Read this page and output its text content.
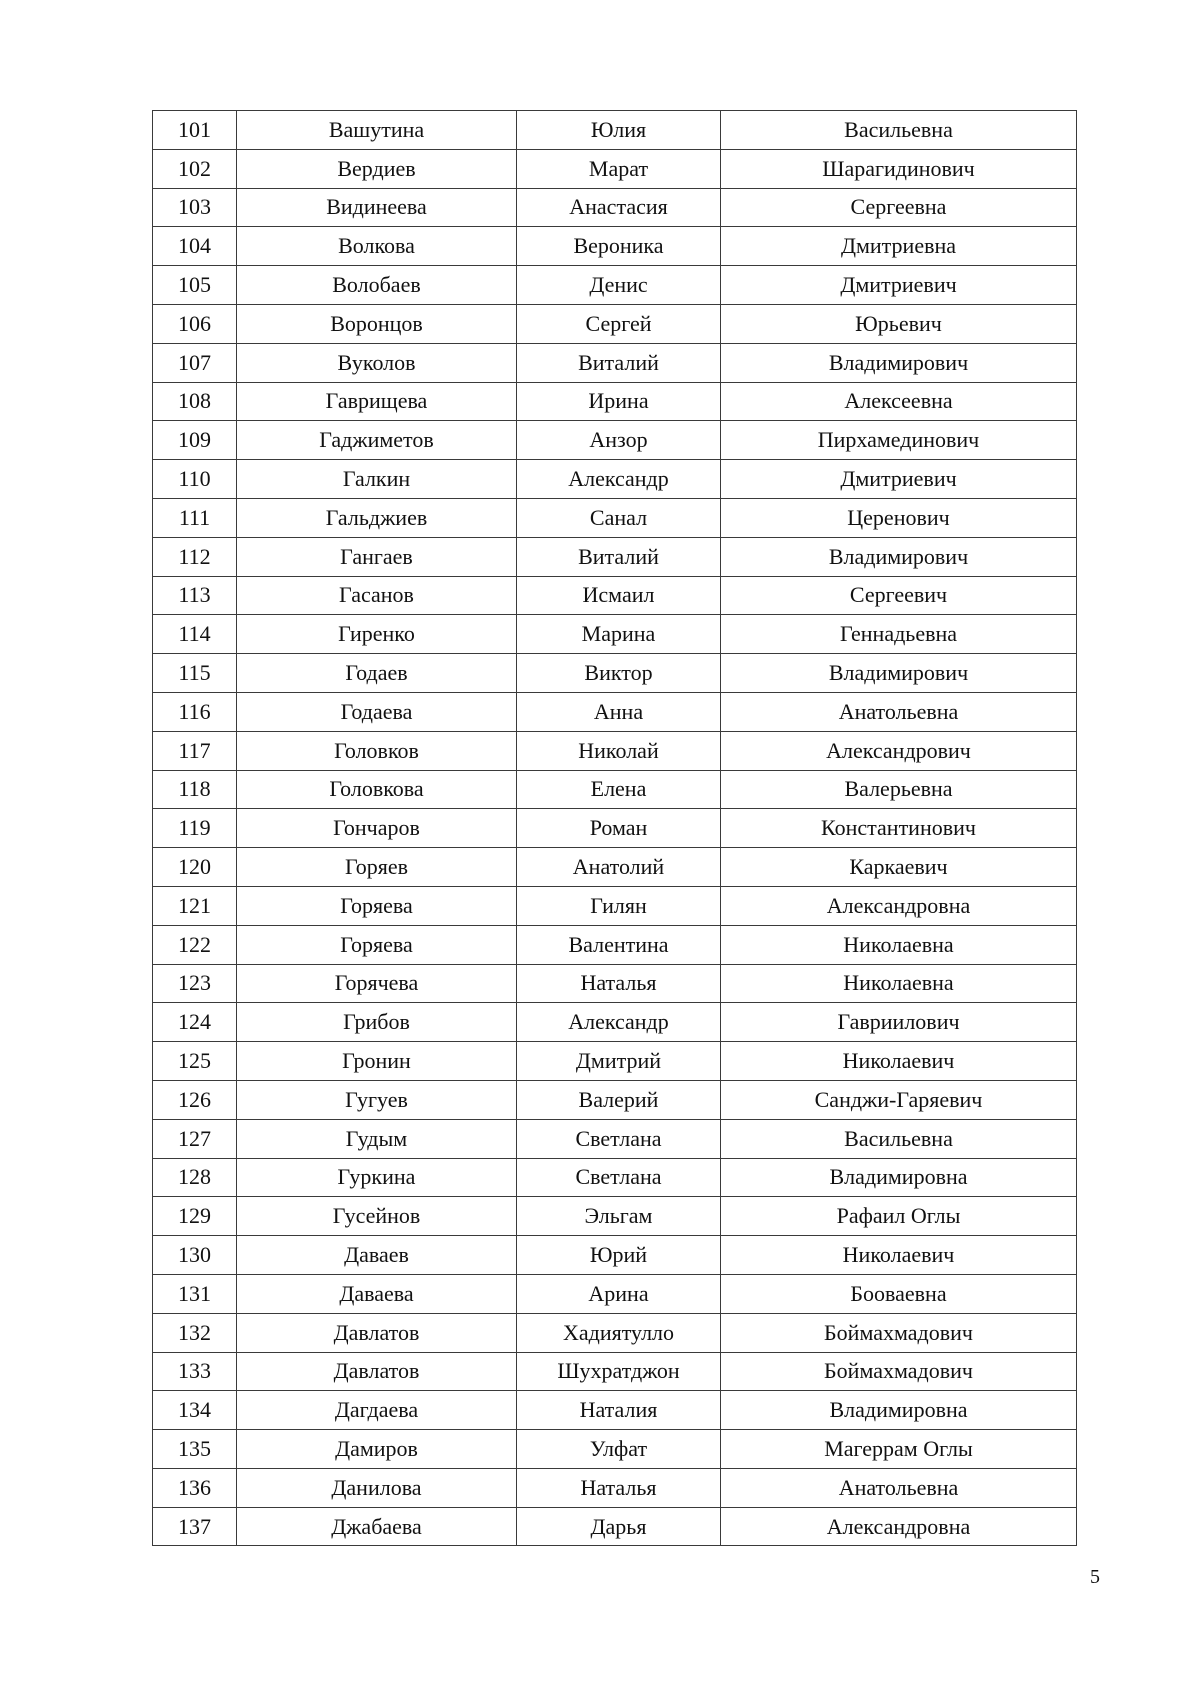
101	Вашутина	Юлия	Васильевна
102	Вердиев	Марат	Шарагидинович
103	Видинеева	Анастасия	Сергеевна
104	Волкова	Вероника	Дмитриевна
105	Волобаев	Денис	Дмитриевич
106	Воронцов	Сергей	Юрьевич
107	Вуколов	Виталий	Владимирович
108	Гаврищева	Ирина	Алексеевна
109	Гаджиметов	Анзор	Пирхамединович
110	Галкин	Александр	Дмитриевич
111	Гальджиев	Санал	Церенович
112	Гангаев	Виталий	Владимирович
113	Гасанов	Исмаил	Сергеевич
114	Гиренко	Марина	Геннадьевна
115	Годаев	Виктор	Владимирович
116	Годаева	Анна	Анатольевна
117	Головков	Николай	Александрович
118	Головкова	Елена	Валерьевна
119	Гончаров	Роман	Константинович
120	Горяев	Анатолий	Каркаевич
121	Горяева	Гилян	Александровна
122	Горяева	Валентина	Николаевна
123	Горячева	Наталья	Николаевна
124	Грибов	Александр	Гавриилович
125	Гронин	Дмитрий	Николаевич
126	Гугуев	Валерий	Санджи-Гаряевич
127	Гудым	Светлана	Васильевна
128	Гуркина	Светлана	Владимировна
129	Гусейнов	Эльгам	Рафаил Оглы
130	Даваев	Юрий	Николаевич
131	Даваева	Арина	Бооваевна
132	Давлатов	Хадиятулло	Боймахмадович
133	Давлатов	Шухратджон	Боймахмадович
134	Дагдаева	Наталия	Владимировна
135	Дамиров	Улфат	Магеррам Оглы
136	Данилова	Наталья	Анатольевна
137	Джабаева	Дарья	Александровна
5
